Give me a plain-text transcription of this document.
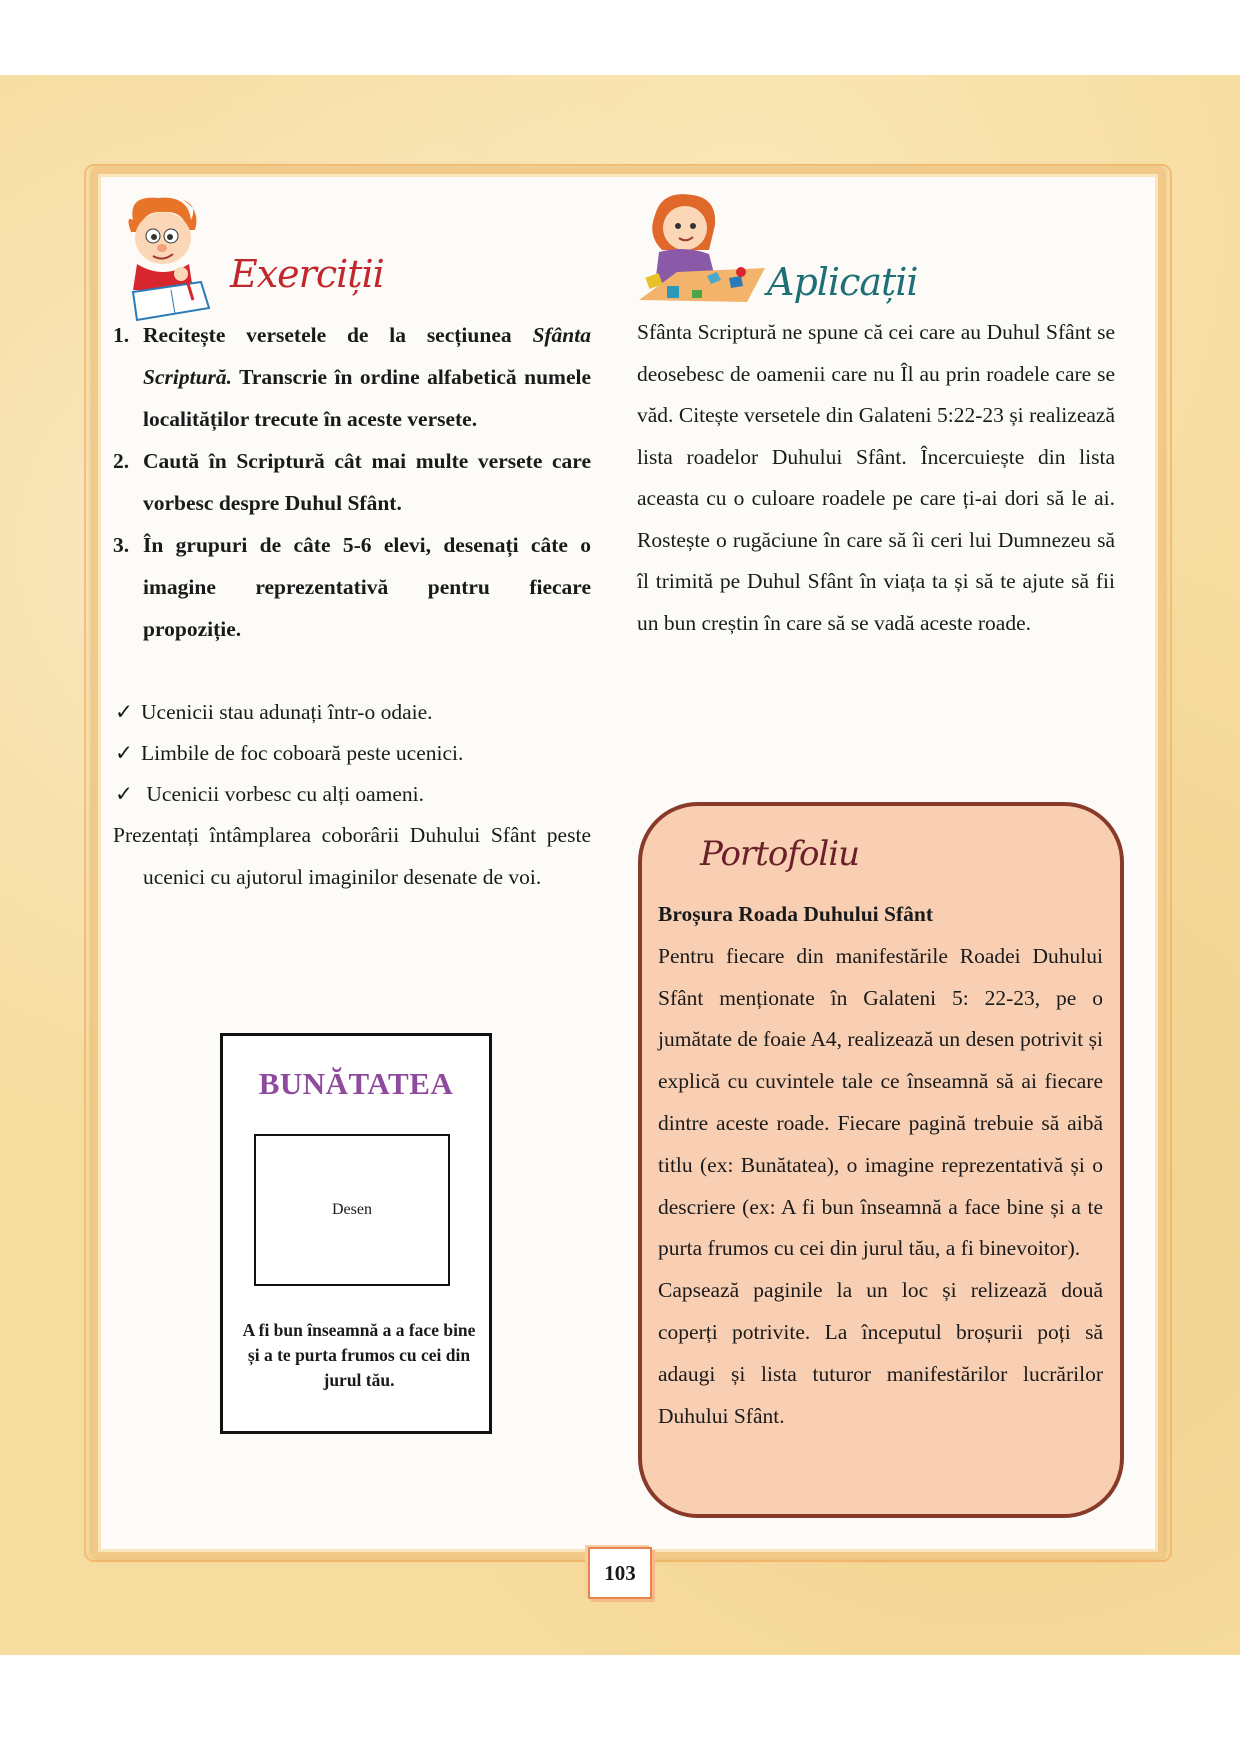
Exerciții
1. Recitește versetele de la secțiunea Sfânta Scriptură. Transcrie în ordine alfabetică numele localităților trecute în aceste versete.
2. Caută în Scriptură cât mai multe versete care vorbesc despre Duhul Sfânt.
3. În grupuri de câte 5-6 elevi, desenați câte o imagine reprezentativă pentru fiecare propoziție.
✓ Ucenicii stau adunați într-o odaie.
✓ Limbile de foc coboară peste ucenici.
✓ Ucenicii vorbesc cu alți oameni.
Prezentați întâmplarea coborârii Duhului Sfânt peste ucenici cu ajutorul imaginilor desenate de voi.
BUNĂTATEA
Desen
A fi bun înseamnă a a face bine și a te purta frumos cu cei din jurul tău.
Aplicații
Sfânta Scriptură ne spune că cei care au Duhul Sfânt se deosebesc de oamenii care nu Îl au prin roadele care se văd. Citește versetele din Galateni 5:22-23 și realizează lista roadelor Duhului Sfânt. Încercuiește din lista aceasta cu o culoare roadele pe care ți-ai dori să le ai. Rostește o rugăciune în care să îi ceri lui Dumnezeu să îl trimită pe Duhul Sfânt în viața ta și să te ajute să fii un bun creștin în care să se vadă aceste roade.
Portofoliu
Broșura Roada Duhului Sfânt
Pentru fiecare din manifestările Roadei Duhului Sfânt menționate în Galateni 5: 22-23, pe o jumătate de foaie A4, realizează un desen potrivit și explică cu cuvintele tale ce înseamnă să ai fiecare dintre aceste roade. Fiecare pagină trebuie să aibă titlu (ex: Bunătatea), o imagine reprezentativă și o descriere (ex: A fi bun înseamnă a face bine și a te purta frumos cu cei din jurul tău, a fi binevoitor).
Capsează paginile la un loc și relizează două coperți potrivite. La începutul broșurii poți să adaugi și lista tuturor manifestărilor lucrărilor Duhului Sfânt.
103
